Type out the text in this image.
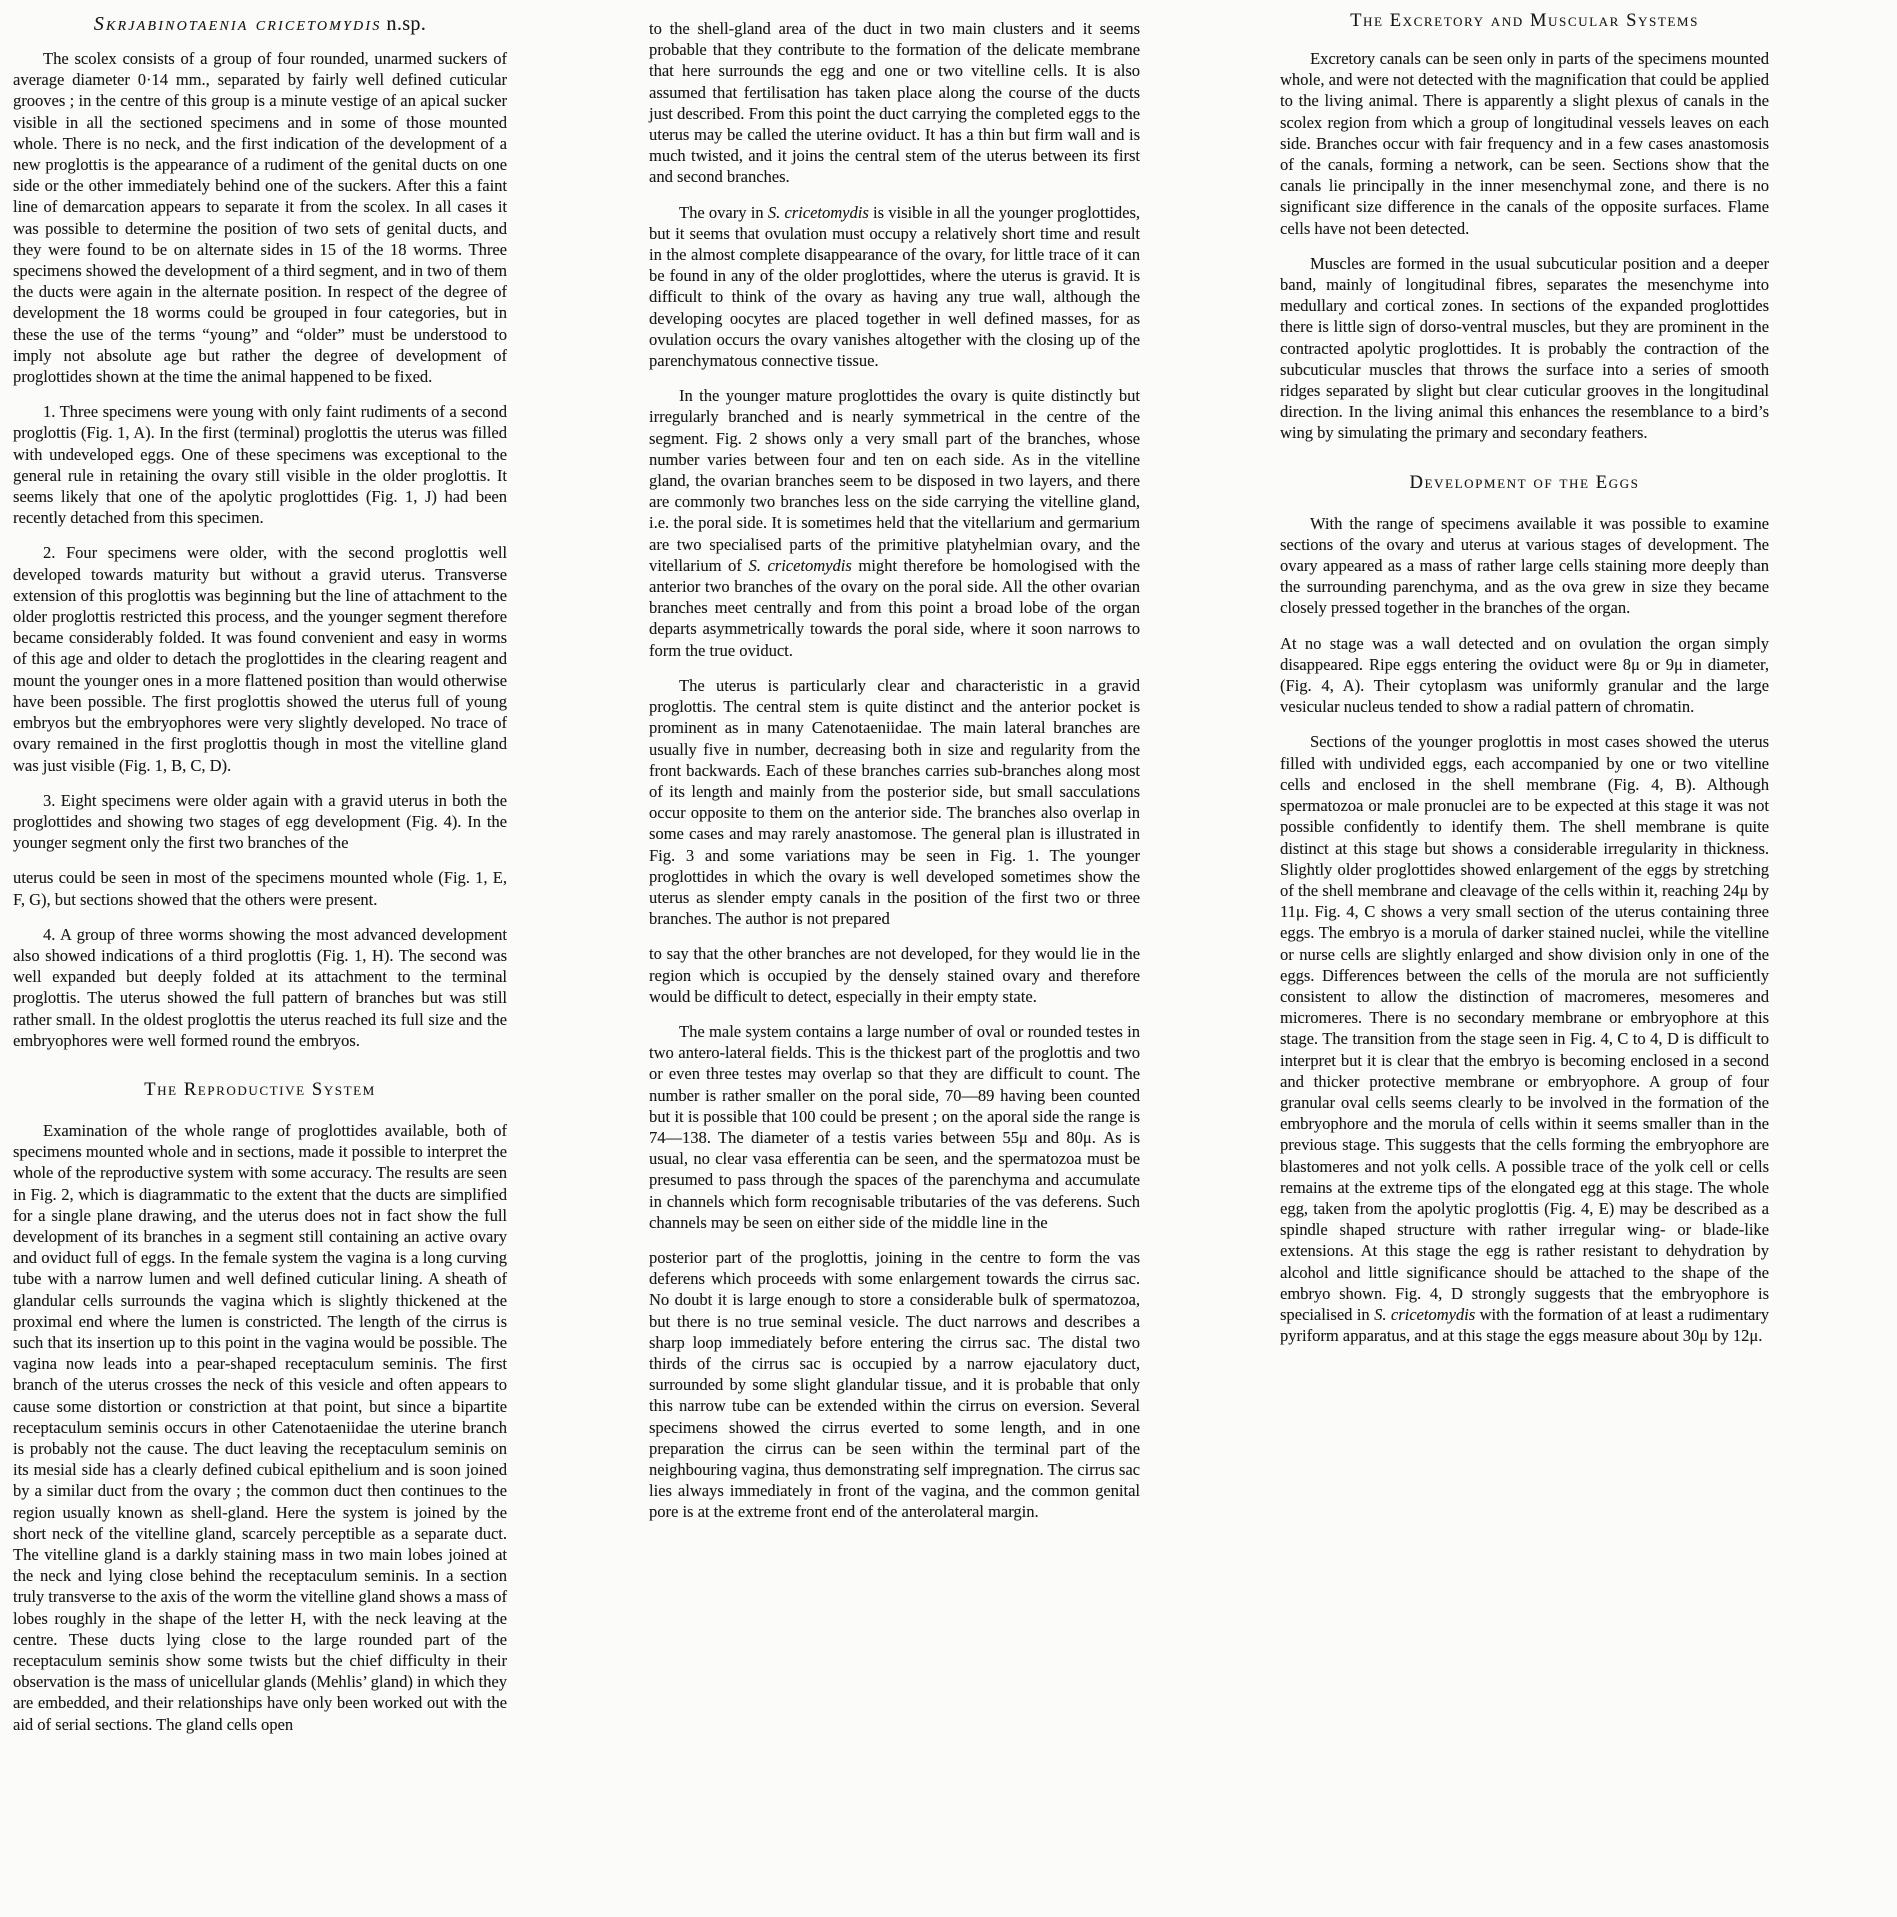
Skrjabinotaenia cricetomydis n.sp.

The scolex consists of a group of four rounded, unarmed suckers of average diameter 0·14 mm., separated by fairly well defined cuticular grooves ; in the centre of this group is a minute vestige of an apical sucker visible in all the sectioned specimens and in some of those mounted whole. There is no neck, and the first indication of the development of a new proglottis is the appearance of a rudiment of the genital ducts on one side or the other immediately behind one of the suckers. After this a faint line of demarcation appears to separate it from the scolex. In all cases it was possible to determine the position of two sets of genital ducts, and they were found to be on alternate sides in 15 of the 18 worms. Three specimens showed the development of a third segment, and in two of them the ducts were again in the alternate position. In respect of the degree of development the 18 worms could be grouped in four categories, but in these the use of the terms “young” and “older” must be understood to imply not absolute age but rather the degree of development of proglottides shown at the time the animal happened to be fixed.

1. Three specimens were young with only faint rudiments of a second proglottis (Fig. 1, A). In the first (terminal) proglottis the uterus was filled with undeveloped eggs. One of these specimens was exceptional to the general rule in retaining the ovary still visible in the older proglottis. It seems likely that one of the apolytic proglottides (Fig. 1, J) had been recently detached from this specimen.

2. Four specimens were older, with the second proglottis well developed towards maturity but without a gravid uterus. Transverse extension of this proglottis was beginning but the line of attachment to the older proglottis restricted this process, and the younger segment therefore became considerably folded. It was found convenient and easy in worms of this age and older to detach the proglottides in the clearing reagent and mount the younger ones in a more flattened position than would otherwise have been possible. The first proglottis showed the uterus full of young embryos but the embryophores were very slightly developed. No trace of ovary remained in the first proglottis though in most the vitelline gland was just visible (Fig. 1, B, C, D).

3. Eight specimens were older again with a gravid uterus in both the proglottides and showing two stages of egg development (Fig. 4). In the younger segment only the first two branches of the

uterus could be seen in most of the specimens mounted whole (Fig. 1, E, F, G), but sections showed that the others were present.

4. A group of three worms showing the most advanced development also showed indications of a third proglottis (Fig. 1, H). The second was well expanded but deeply folded at its attachment to the terminal proglottis. The uterus showed the full pattern of branches but was still rather small. In the oldest proglottis the uterus reached its full size and the embryophores were well formed round the embryos.

The Reproductive System

Examination of the whole range of proglottides available, both of specimens mounted whole and in sections, made it possible to interpret the whole of the reproductive system with some accuracy. The results are seen in Fig. 2, which is diagrammatic to the extent that the ducts are simplified for a single plane drawing, and the uterus does not in fact show the full development of its branches in a segment still containing an active ovary and oviduct full of eggs. In the female system the vagina is a long curving tube with a narrow lumen and well defined cuticular lining. A sheath of glandular cells surrounds the vagina which is slightly thickened at the proximal end where the lumen is constricted. The length of the cirrus is such that its insertion up to this point in the vagina would be possible. The vagina now leads into a pear-shaped receptaculum seminis. The first branch of the uterus crosses the neck of this vesicle and often appears to cause some distortion or constriction at that point, but since a bipartite receptaculum seminis occurs in other Catenotaeniidae the uterine branch is probably not the cause. The duct leaving the receptaculum seminis on its mesial side has a clearly defined cubical epithelium and is soon joined by a similar duct from the ovary ; the common duct then continues to the region usually known as shell-gland. Here the system is joined by the short neck of the vitelline gland, scarcely perceptible as a separate duct. The vitelline gland is a darkly staining mass in two main lobes joined at the neck and lying close behind the receptaculum seminis. In a section truly transverse to the axis of the worm the vitelline gland shows a mass of lobes roughly in the shape of the letter H, with the neck leaving at the centre. These ducts lying close to the large rounded part of the receptaculum seminis show some twists but the chief difficulty in their observation is the mass of unicellular glands (Mehlis’ gland) in which they are embedded, and their relationships have only been worked out with the aid of serial sections. The gland cells open

to the shell-gland area of the duct in two main clusters and it seems probable that they contribute to the formation of the delicate membrane that here surrounds the egg and one or two vitelline cells. It is also assumed that fertilisation has taken place along the course of the ducts just described. From this point the duct carrying the completed eggs to the uterus may be called the uterine oviduct. It has a thin but firm wall and is much twisted, and it joins the central stem of the uterus between its first and second branches.

The ovary in S. cricetomydis is visible in all the younger proglottides, but it seems that ovulation must occupy a relatively short time and result in the almost complete disappearance of the ovary, for little trace of it can be found in any of the older proglottides, where the uterus is gravid. It is difficult to think of the ovary as having any true wall, although the developing oocytes are placed together in well defined masses, for as ovulation occurs the ovary vanishes altogether with the closing up of the parenchymatous connective tissue.

In the younger mature proglottides the ovary is quite distinctly but irregularly branched and is nearly symmetrical in the centre of the segment. Fig. 2 shows only a very small part of the branches, whose number varies between four and ten on each side. As in the vitelline gland, the ovarian branches seem to be disposed in two layers, and there are commonly two branches less on the side carrying the vitelline gland, i.e. the poral side. It is sometimes held that the vitellarium and germarium are two specialised parts of the primitive platyhelmian ovary, and the vitellarium of S. cricetomydis might therefore be homologised with the anterior two branches of the ovary on the poral side. All the other ovarian branches meet centrally and from this point a broad lobe of the organ departs asymmetrically towards the poral side, where it soon narrows to form the true oviduct.

The uterus is particularly clear and characteristic in a gravid proglottis. The central stem is quite distinct and the anterior pocket is prominent as in many Catenotaeniidae. The main lateral branches are usually five in number, decreasing both in size and regularity from the front backwards. Each of these branches carries sub-branches along most of its length and mainly from the posterior side, but small sacculations occur opposite to them on the anterior side. The branches also overlap in some cases and may rarely anastomose. The general plan is illustrated in Fig. 3 and some variations may be seen in Fig. 1. The younger proglottides in which the ovary is well developed sometimes show the uterus as slender empty canals in the position of the first two or three branches. The author is not prepared

to say that the other branches are not developed, for they would lie in the region which is occupied by the densely stained ovary and therefore would be difficult to detect, especially in their empty state.

The male system contains a large number of oval or rounded testes in two antero-lateral fields. This is the thickest part of the proglottis and two or even three testes may overlap so that they are difficult to count. The number is rather smaller on the poral side, 70—89 having been counted but it is possible that 100 could be present ; on the aporal side the range is 74—138. The diameter of a testis varies between 55μ and 80μ. As is usual, no clear vasa efferentia can be seen, and the spermatozoa must be presumed to pass through the spaces of the parenchyma and accumulate in channels which form recognisable tributaries of the vas deferens. Such channels may be seen on either side of the middle line in the

posterior part of the proglottis, joining in the centre to form the vas deferens which proceeds with some enlargement towards the cirrus sac. No doubt it is large enough to store a considerable bulk of spermatozoa, but there is no true seminal vesicle. The duct narrows and describes a sharp loop immediately before entering the cirrus sac. The distal two thirds of the cirrus sac is occupied by a narrow ejaculatory duct, surrounded by some slight glandular tissue, and it is probable that only this narrow tube can be extended within the cirrus on eversion. Several specimens showed the cirrus everted to some length, and in one preparation the cirrus can be seen within the terminal part of the neighbouring vagina, thus demonstrating self impregnation. The cirrus sac lies always immediately in front of the vagina, and the common genital pore is at the extreme front end of the anterolateral margin.

The Excretory and Muscular Systems

Excretory canals can be seen only in parts of the specimens mounted whole, and were not detected with the magnification that could be applied to the living animal. There is apparently a slight plexus of canals in the scolex region from which a group of longitudinal vessels leaves on each side. Branches occur with fair frequency and in a few cases anastomosis of the canals, forming a network, can be seen. Sections show that the canals lie principally in the inner mesenchymal zone, and there is no significant size difference in the canals of the opposite surfaces. Flame cells have not been detected.

Muscles are formed in the usual subcuticular position and a deeper band, mainly of longitudinal fibres, separates the mesenchyme into medullary and cortical zones. In sections of the expanded proglottides there is little sign of dorso-ventral muscles, but they are prominent in the contracted apolytic proglottides. It is probably the contraction of the subcuticular muscles that throws the surface into a series of smooth ridges separated by slight but clear cuticular grooves in the longitudinal direction. In the living animal this enhances the resemblance to a bird’s wing by simulating the primary and secondary feathers.

Development of the Eggs

With the range of specimens available it was possible to examine sections of the ovary and uterus at various stages of development. The ovary appeared as a mass of rather large cells staining more deeply than the surrounding parenchyma, and as the ova grew in size they became closely pressed together in the branches of the organ.

At no stage was a wall detected and on ovulation the organ simply disappeared. Ripe eggs entering the oviduct were 8μ or 9μ in diameter, (Fig. 4, A). Their cytoplasm was uniformly granular and the large vesicular nucleus tended to show a radial pattern of chromatin.

Sections of the younger proglottis in most cases showed the uterus filled with undivided eggs, each accompanied by one or two vitelline cells and enclosed in the shell membrane (Fig. 4, B). Although spermatozoa or male pronuclei are to be expected at this stage it was not possible confidently to identify them. The shell membrane is quite distinct at this stage but shows a considerable irregularity in thickness. Slightly older proglottides showed enlargement of the eggs by stretching of the shell membrane and cleavage of the cells within it, reaching 24μ by 11μ. Fig. 4, C shows a very small section of the uterus containing three eggs. The embryo is a morula of darker stained nuclei, while the vitelline or nurse cells are slightly enlarged and show division only in one of the eggs. Differences between the cells of the morula are not sufficiently consistent to allow the distinction of macromeres, mesomeres and micromeres. There is no secondary membrane or embryophore at this stage. The transition from the stage seen in Fig. 4, C to 4, D is difficult to interpret but it is clear that the embryo is becoming enclosed in a second and thicker protective membrane or embryophore. A group of four granular oval cells seems clearly to be involved in the formation of the embryophore and the morula of cells within it seems smaller than in the previous stage. This suggests that the cells forming the embryophore are blastomeres and not yolk cells. A possible trace of the yolk cell or cells remains at the extreme tips of the elongated egg at this stage. The whole egg, taken from the apolytic proglottis (Fig. 4, E) may be described as a spindle shaped structure with rather irregular wing- or blade-like extensions. At this stage the egg is rather resistant to dehydration by alcohol and little significance should be attached to the shape of the embryo shown. Fig. 4, D strongly suggests that the embryophore is specialised in S. cricetomydis with the formation of at least a rudimentary pyriform apparatus, and at this stage the eggs measure about 30μ by 12μ.
